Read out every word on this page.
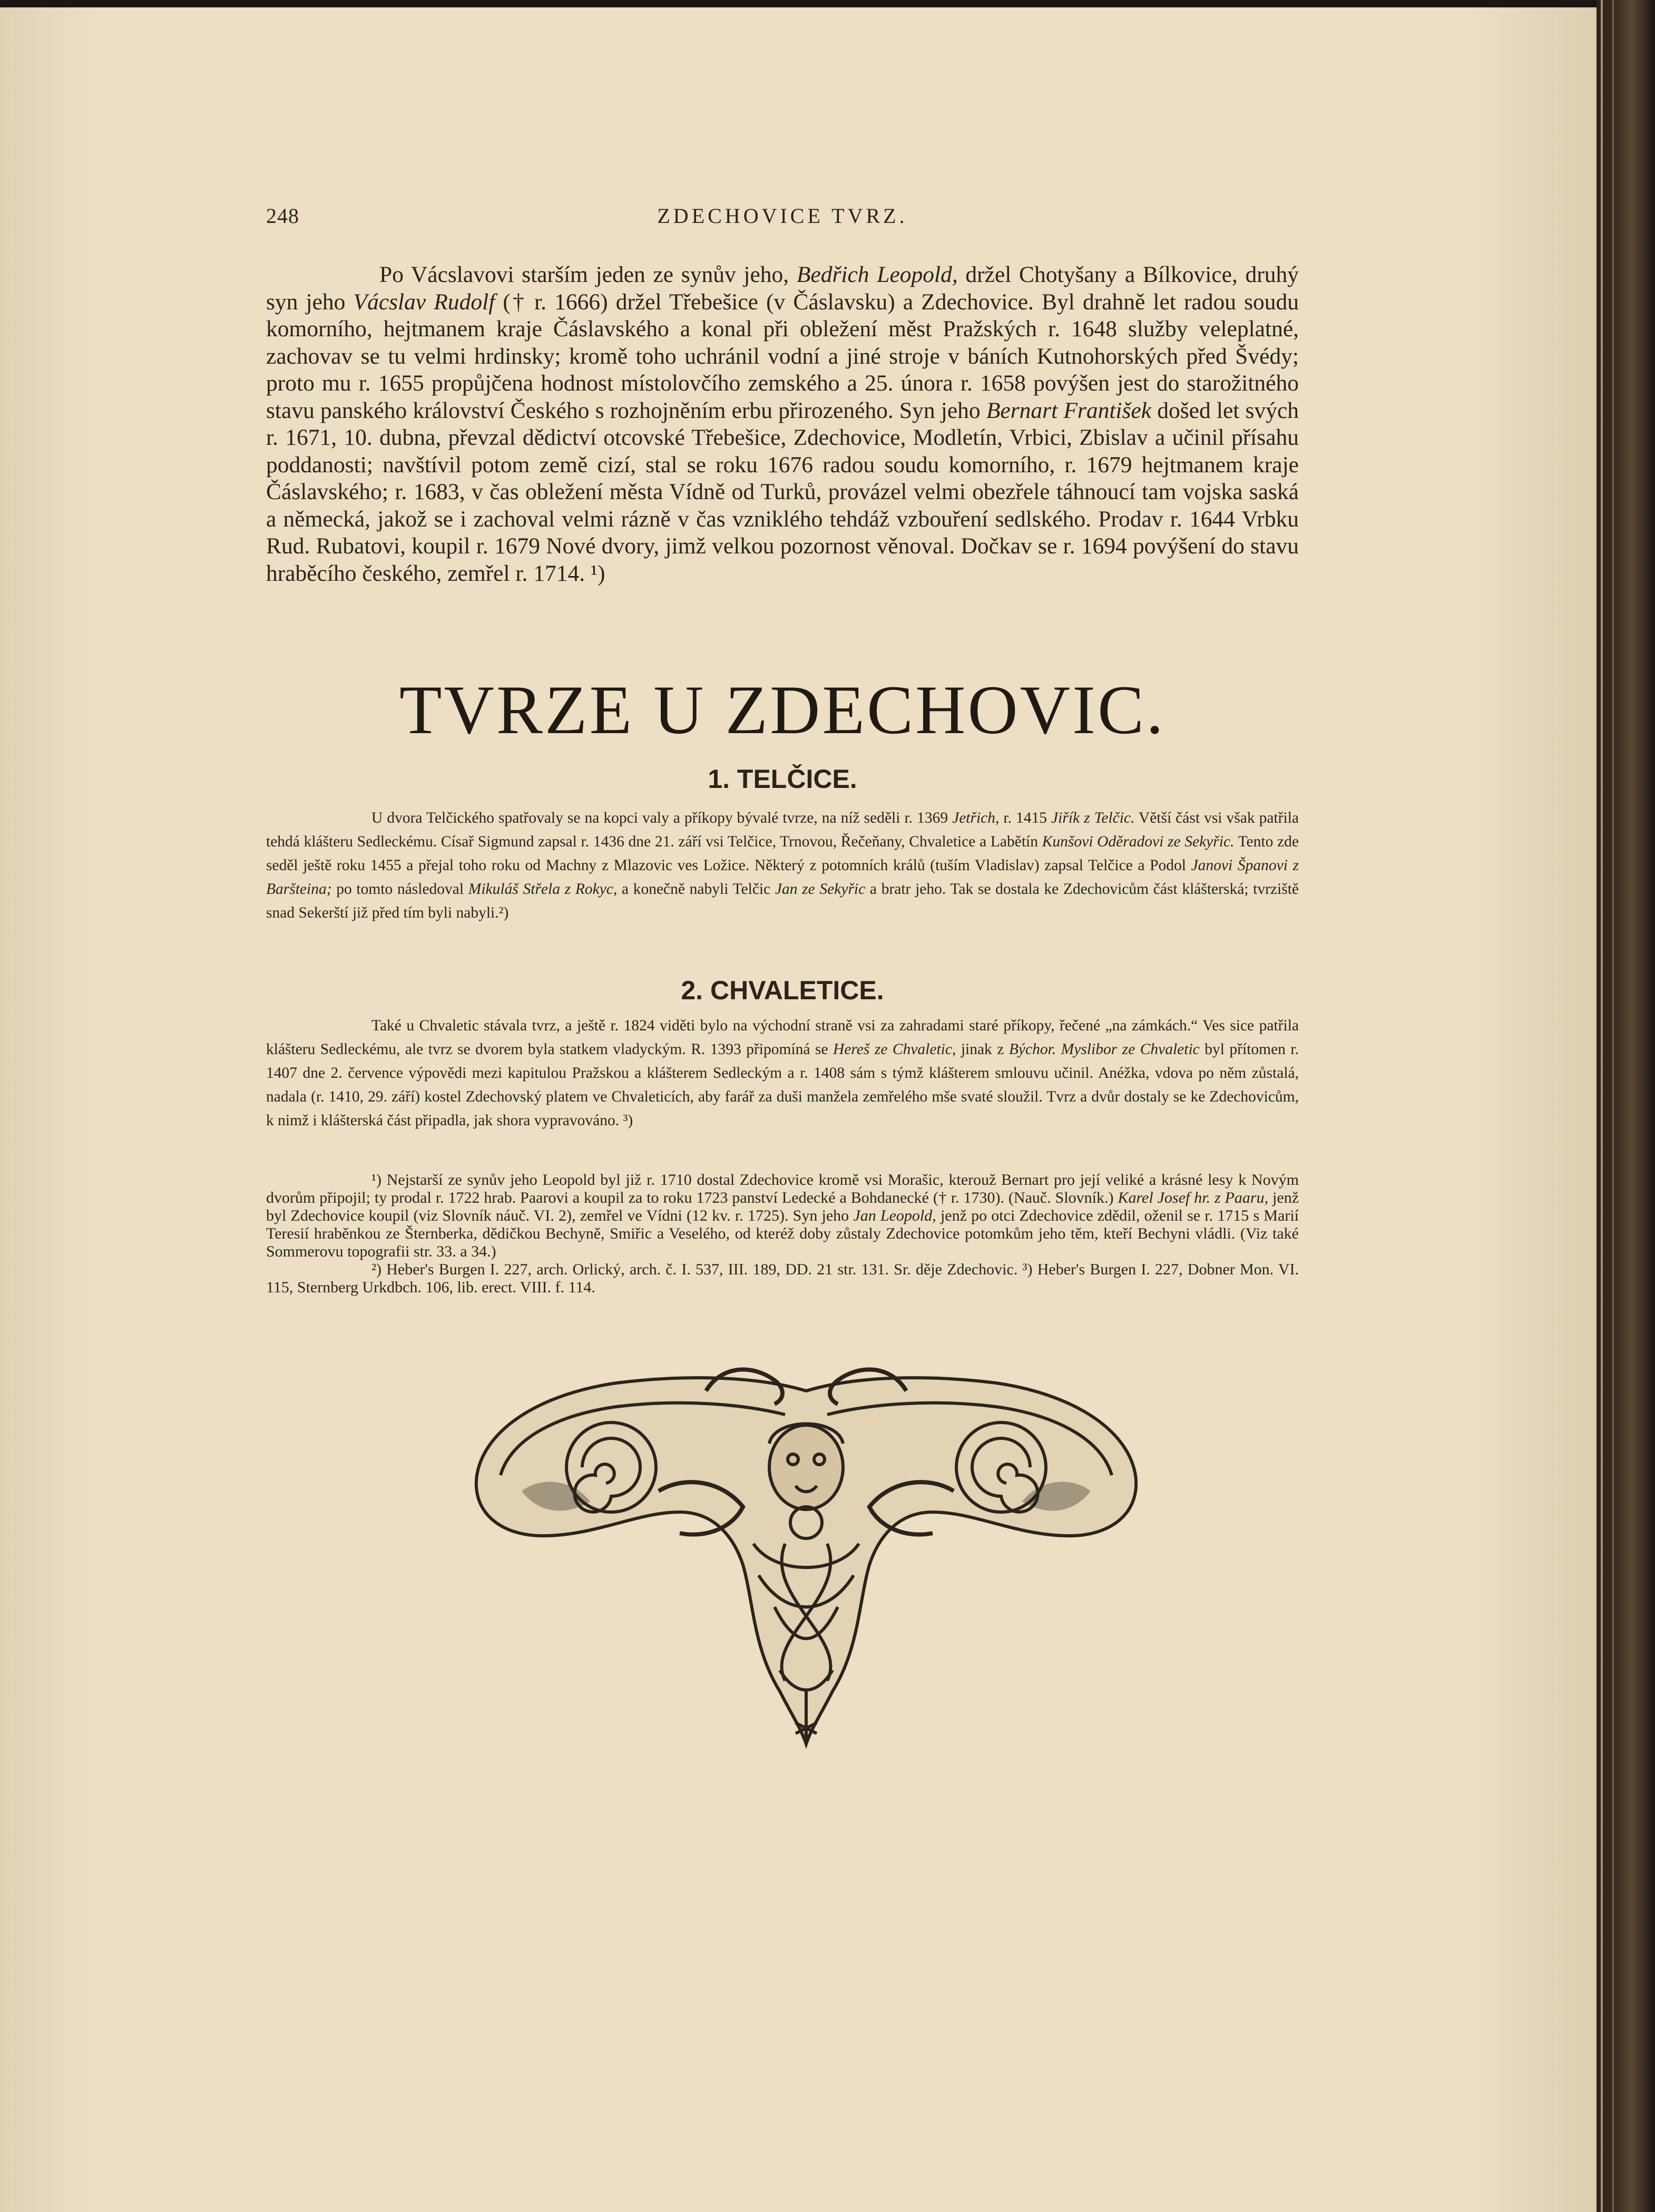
248	ZDECHOVICE TVRZ.
Po Vácslavovi starším jeden ze synův jeho, Bedřich Leopold, držel Chotyšany a Bílkovice, druhý syn jeho Vácslav Rudolf († r. 1666) držel Třebešice (v Čáslavsku) a Zdechovice. Byl drahně let radou soudu komorního, hejtmanem kraje Čáslavského a konal při obležení měst Pražských r. 1648 služby veleplatné, zachovav se tu velmi hrdinsky; kromě toho uchránil vodní a jiné stroje v báních Kutnohorských před Švédy; proto mu r. 1655 propůjčena hodnost místolovčího zemského a 25. února r. 1658 povýšen jest do starožitného stavu panského království Českého s rozhojněním erbu přirozeného. Syn jeho Bernart František došed let svých r. 1671, 10. dubna, převzal dědictví otcovské Třebešice, Zdechovice, Modletín, Vrbici, Zbislav a učinil přísahu poddanosti; navštívil potom země cizí, stal se roku 1676 radou soudu komorního, r. 1679 hejtmanem kraje Čáslavského; r. 1683, v čas obležení města Vídně od Turků, provázel velmi obezřele táhnoucí tam vojska saská a německá, jakož se i zachoval velmi rázně v čas vzniklého tehdáž vzbouření sedlského. Prodav r. 1644 Vrbku Rud. Rubatovi, koupil r. 1679 Nové dvory, jimž velkou pozornost věnoval. Dočkav se r. 1694 povýšení do stavu hraběcího českého, zemřel r. 1714. ¹)
TVRZE U ZDECHOVIC.
1. TELČICE.
U dvora Telčického spatřovaly se na kopci valy a příkopy bývalé tvrze, na níž seděli r. 1369 Jetřich, r. 1415 Jiřík z Telčic. Větší část vsi však patřila tehdá klášteru Sedleckému. Císař Sigmund zapsal r. 1436 dne 21. září vsi Telčice, Trnovou, Řečeňany, Chvaletice a Labětín Kunšovi Oděradovi ze Sekyřic. Tento zde seděl ještě roku 1455 a přejal toho roku od Machny z Mlazovic ves Ložice. Některý z potomních králů (tuším Vladislav) zapsal Telčice a Podol Janovi Španovi z Baršteina; po tomto následoval Mikuláš Střela z Rokyc, a konečně nabyli Telčic Jan ze Sekyřic a bratr jeho. Tak se dostala ke Zdechovicům část klášterská; tvrziště snad Sekerští již před tím byli nabyli.²)
2. CHVALETICE.
Také u Chvaletic stávala tvrz, a ještě r. 1824 viděti bylo na východní straně vsi za zahradami staré příkopy, řečené „na zámkách.“ Ves sice patřila klášteru Sedleckému, ale tvrz se dvorem byla statkem vladyckým. R. 1393 připomíná se Hereš ze Chvaletic, jinak z Býchor. Myslibor ze Chvaletic byl přítomen r. 1407 dne 2. července výpovědi mezi kapitulou Pražskou a klášterem Sedleckým a r. 1408 sám s týmž klášterem smlouvu učinil. Anéžka, vdova po něm zůstalá, nadala (r. 1410, 29. září) kostel Zdechovský platem ve Chvaleticích, aby farář za duši manžela zemřelého mše svaté sloužil. Tvrz a dvůr dostaly se ke Zdechovicům, k nimž i klášterská část připadla, jak shora vypravováno. ³)
¹) Nejstarší ze synův jeho Leopold byl již r. 1710 dostal Zdechovice kromě vsi Morašic, kterouž Bernart pro její veliké a krásné lesy k Novým dvorům připojil; ty prodal r. 1722 hrab. Paarovi a koupil za to roku 1723 panství Ledecké a Bohdanecké († r. 1730). (Nauč. Slovník.) Karel Josef hr. z Paaru, jenž byl Zdechovice koupil (viz Slovník náuč. VI. 2), zemřel ve Vídni (12 kv. r. 1725). Syn jeho Jan Leopold, jenž po otci Zdechovice zdědil, oženil se r. 1715 s Marií Teresií hraběnkou ze Šternberka, dědičkou Bechyně, Smiřic a Veselého, od kteréž doby zůstaly Zdechovice potomkům jeho těm, kteří Bechyni vládli. (Viz také Sommerovu topografii str. 33. a 34.)
²) Heber's Burgen I. 227, arch. Orlický, arch. č. I. 537, III. 189, DD. 21 str. 131. Sr. děje Zdechovic. ³) Heber's Burgen I. 227, Dobner Mon. VI. 115, Sternberg Urkdbch. 106, lib. erect. VIII. f. 114.
